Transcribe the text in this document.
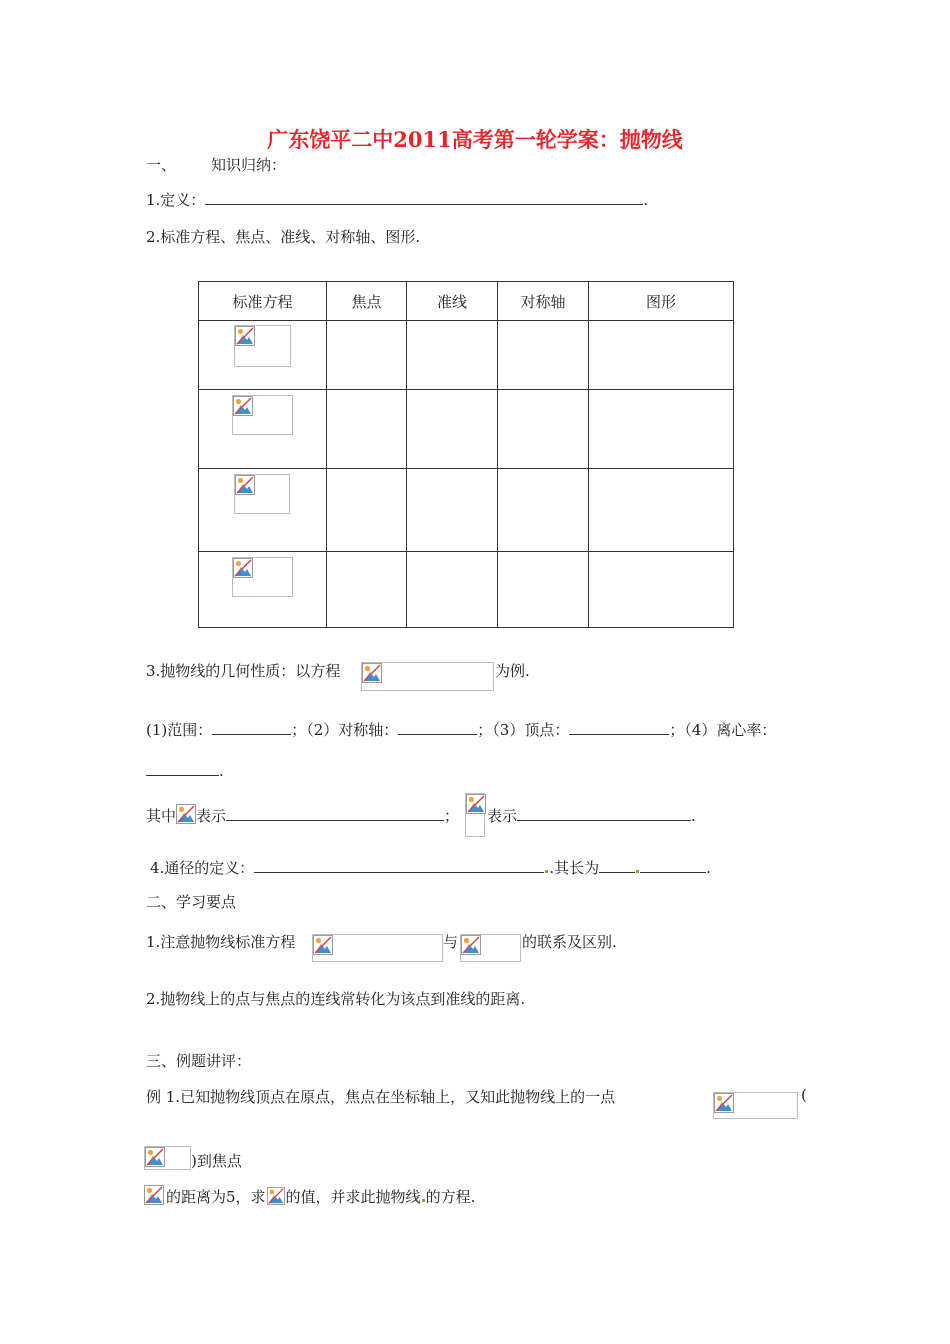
广东饶平二中2011高考第一轮学案：抛物线
一、 知识归纳：
1.定义：	.
2.标准方程、焦点、准线、对称轴、图形.
标准方程	焦点	准线	对称轴	图形

3.抛物线的几何性质：以方程	为例.
(1)范围：	；（2）对称轴：	；（3）顶点：	；（4）离心率：
.
其中 表示	； 表示	.
4.通径的定义：	.其长为	.
二、学习要点
1.注意抛物线标准方程	与	的联系及区别.
2.抛物线上的点与焦点的连线常转化为该点到准线的距离.
三、例题讲评：
例 1.已知抛物线顶点在原点，焦点在坐标轴上，又知此抛物线上的一点	(
)到焦点
的距离为5，求 的值，并求此抛物线 的方程.
